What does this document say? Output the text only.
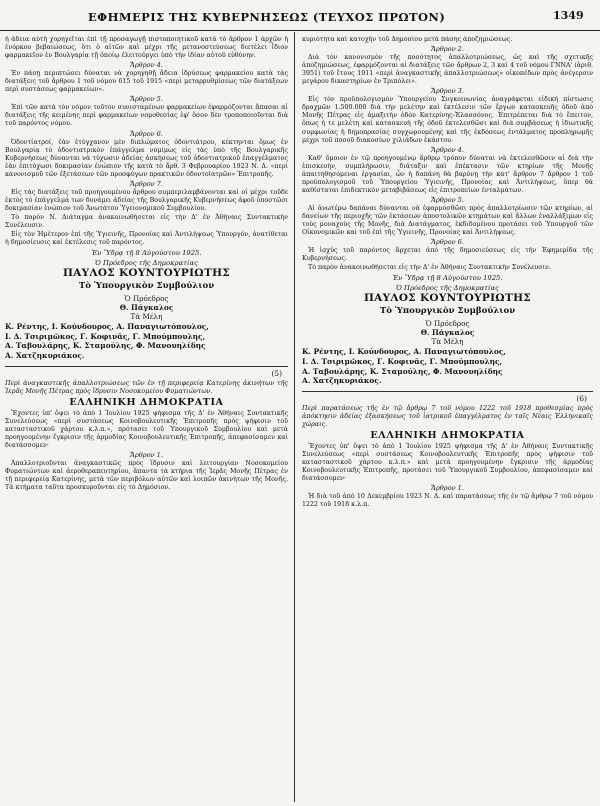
ΕΦΗΜΕΡΙΣ ΤΗΣ ΚΥΒΕΡΝΗΣΕΩΣ (ΤΕΥΧΟΣ ΠΡΩΤΟΝ)	1349

ή άδεια αὐτὴ χορηγεῖται ἐπὶ τῇ προσαγωγῇ πιστοποιητικοῦ κατὰ τὸ ἄρθρον 1 ἀρχῶν ἡ ἐνόρκου βεβαιώσεως, ὅτι ὁ αἰτῶν καὶ μέχρι τῆς μετανοστεύσεως διετέλει ἴδιον φαρμακεῖον ἐν Βουλγαρίᾳ τῇ ὁποίῳ ἐλειτούργει ὑπὸ τὴν ἰδίαν αὐτοῦ εὐθύνην.

Ἄρθρον 4.

Ἐν πάσῃ περιπτώσει δύναται νὰ χορηγηθῇ ἄδεια ἱδρύσεως φαρμακείου κατὰ τὰς διατάξεις τοῦ ἄρθρου 1 τοῦ νόμου 615 τοῦ 1915 «περὶ μεταρρυθμίσεως τῶν διατάξεων περὶ συστάσεως φαρμακείων».

Ἄρθρον 5.

Ἐπὶ τῶν κατὰ τὸν νόμον τοῦτον συνισταμένων φαρμακείων ἐφαρμόζονται ἅπασαι αἱ διατάξεις τῆς κειμένης περὶ φαρμακείων νομοθεσίας ἐφ' ὅσον δὲν τροποποιοῦνται διὰ τοῦ παρόντος νόμου.

Ἄρθρον 6.

Ὀδοντίατροί, ἐὰν ἐτύγχανον μὲν διπλώματος ὀδοντιάτρου, κέκτηνται ὅμως ἐν Βουλγαρίᾳ τὸ ὀδοντιατρικὸν ἐπάγγελμα νομίμως εἰς τὰς ὑπὸ τῆς Βουλγαρικῆς Κυβερνήσεως δύνανται νὰ τύχωσιν ἀδείας ἀσκήσεως τοῦ ὀδοντιατρικοῦ ἐπαγγέλματος ἐὰν ἐπιτύχωσι δοκιμασίαν ἐνώπιον τῆς κατὰ τὸ ἄρθ. 3 Φεβρουαρίου 1923 Ν. Δ. «περὶ κανονισμοῦ τῶν ἐξετάσεων τῶν προσφύγων πρακτικῶν ὀδοντοϊατρῶν» Ἐπιτροπῆς.

Ἄρθρον 7.

Εἰς τὰς διατάξεις τοῦ προηγουμένου ἄρθρου συμπεριλαμβάνονται καὶ οἱ μέχρι τοῦδε ἐκτὸς τὸ ἐπάγγελμά των δυνάμει ἀδείας τῆς Βουλγαρικῆς Κυβερνήσεως ἀφοῦ ὑποστῶσι δοκιμασίαν ἐνώπιον τοῦ Ἀνωτάτου Ὑγειονομικοῦ Συμβουλίου.

Τὸ παρὸν Ν. Διάταγμα ἀνακοινωθήσεται εἰς τὴν Δ' ἐν Ἀθήναις Συντακτικὴν Συνέλευσιν.

Εἰς τὸν Ἡμέτερον ἐπὶ τῆς Ὑγιεινῆς, Προνοίας καὶ Ἀντιλήψεως Ὑπουργόν, ἀνατίθεται ἡ δημοσίευσις καὶ ἐκτέλεσις τοῦ παρόντος.

Ἐν Ὕδρᾳ τῇ 8 Αὐγούστου 1925.
Ὁ Πρόεδρος τῆς Δημοκρατίας
ΠΑΥΛΟΣ ΚΟΥΝΤΟΥΡΙΩΤΗΣ
Τὸ Ὑπουργικὸν Συμβούλιον
Ὁ Πρόεδρος
Θ. Πάγκαλος
Τὰ Μέλη
Κ. Ρέντης, Ι. Κούνδουρος, Α. Παναγιωτόπουλος,
Ι. Δ. Τσιριμῶκος, Γ. Κοφινᾶς, Γ. Μπούμπουλης,
Α. Ταβουλάρης, Κ. Σταμούλης, Φ. Μανουηλίδης
Α. Χατζηκυριάκος.
(5)
Περὶ ἀναγκαστικῆς ἀπαλλοτριώσεως τῶν ἐν τῇ περιφερείᾳ Κατερίνης ἀκινήτων τῆς Ἱερᾶς Μονῆς Πέτρας πρὸς ἵδρυσιν Νοσοκομείου Φυματιώντων.
ΕΛΛΗΝΙΚΗ ΔΗΜΟΚΡΑΤΙΑ

Ἔχοντες ὑπ' ὄψει τὸ ἀπὸ 1 Ἰουλίου 1925 ψήφισμα τῆς Δ' ἐν Ἀθήναις Συντακτικῆς Συνελεύσεως «περὶ συστάσεως Κοινοβουλευτικῆς Ἐπιτροπῆς πρὸς ψήφισιν τοῦ κατασταστικοῦ χάρτου κ.λ.π.», πρότασει τοῦ Ὑπουργικοῦ Συμβουλίου καὶ μετὰ προηγουμένην ἔγκρισιν τῆς ἁρμοδίας Κοινοβουλευτικῆς Ἐπιτροπῆς, ἀπεφασίσαμεν καὶ διατάσσομεν·

Ἄρθρον 1.

Ἀπαλλοτριοῦνται ἀναγκαστικῶς πρὸς ἵδρυσιν καὶ λειτουργίαν Νοσοκομείου Φυματιώντων καὶ ἀεροθεραπευτηρίου, ἅπαντα τὰ κτήρια τῆς Ἱερᾶς Μονῆς Πέτρας ἐν τῇ περιφερείᾳ Κατερίνης, μετὰ τῶν περιβόλων αὐτῶν καὶ λοιπῶν ἀκινήτων τῆς Μονῆς. Τὰ κτήματα ταῦτα προσκυροῦνται εἰς τὸ Δημόσιον.

κυριότητα καὶ κατοχὴν τοῦ Δημοσίου μετὰ πάσης ἀποζημιώσεως.

Ἄρθρον 2.

Διὰ τὸν κανονισμὸν τῆς ποσότητος ἀπαλλοτριώσεως, ὡς καὶ τῆς σχετικῆς ἀποζημιώσεως, ἐφαρμόζονται αἱ διατάξεις τῶν ἄρθρων 2, 3 καὶ 4 τοῦ νόμου ΓΝΝΑ' (ἀριθ. 3951) τοῦ ἔτους 1911 «περὶ ἀναγκαστικῆς ἀπαλλοτριώσεως» οἰκοπέδων πρὸς ἀνέγερσιν μεγάρου δικαστηρίων ἐν Τριπόλει».

Ἄρθρον 3.

Εἰς τὸν προϋπολογισμὸν Ὑπουργείου Συγκοινωνίας ἀναγράφεται εἰδικὴ πίστωσις δραχμῶν 1.500.000 διὰ τὴν μελέτην καὶ ἐκτέλεσιν τῶν ἔργων κατασκευῆς ὁδοῦ ἀπὸ Μονῆς Πέτρας εἰς ἁμαξιτὴν ὁδὸν Κατερίνης-Ἐλασσόνος. Ἐπιτρέπεται διὰ τὸ ἔπειτον, ὅπως ἡ τε μελέτη καὶ κατασκευὴ τῆς ὁδοῦ ἐκτελεσθῶσι καὶ διὰ συμβάσεως ἡ ἰδιωτικῆς συμφωνίας ἡ δημοπρασίας συγχωρουμένης καὶ τῆς ἐκδόσεως ἐντάλματος προπληρωμῆς μέχρι τοῦ ποσοῦ διακοσίων χιλιάδων ἑκάστου.

Ἄρθρον 4.

Καθ' ὅμοιον ἐν τῷ προηγουμένῳ ἄρθρῳ τρόπον δύναται νὰ ἐκτελεσθῶσιν αἱ διὰ τὴν ἐπισκευὴν, συμπλήρωσιν, διάταξιν καὶ ἐπέκτασιν τῶν κτηρίων τῆς Μονῆς ἀπαιτηθησόμεναι ἐργασίαι, ὧν ἡ δαπάνη θὰ βαρύνῃ τὴν κατ' ἄρθρον 7 ἄρθρον 1 τοῦ προϋπολογισμοῦ τοῦ Ὑπουργείου Ὑγιεινῆς, Προνοίας καὶ Ἀντιλήψεως, ὅπερ θὰ καθίσταται ἐπιδεκτικὸν μεταβιβάσεως εἰς ἐπιτροπείων ἐνταλμάτων.

Ἄρθρον 5.

Αἱ ἀνωτέρω δαπάναι δύνανται νὰ ἐφαρμοσθῶσι πρὸς ἀπαλλοτρίωσιν τῶν κτηρίων, αἱ δανείων τῆς περιοχῆς τῶν ἐκτάσεων ἀποστολικῶν κτημάτων καὶ ἄλλων ἐναλλάξιμων εἰς τοὺς μοναχοὺς τῆς Μονῆς, διὰ Διατάγματος, ἐκδιδομένου προτάσει τοῦ Ὑπουργοῦ τῶν Οἰκονομικῶν καὶ τοῦ ἐπὶ τῆς Ὑγιεινῆς, Προνοίας καὶ Ἀντιλήψεως.

Ἄρθρον 6.

Ἡ ἰσχὺς τοῦ παρόντος ἄρχεται ἀπὸ τῆς δημοσιεύσεως εἰς τὴν Ἐφημερίδα τῆς Κυβερνήσεως.

Τὸ παρὸν ἀνακοινωθήσεται εἰς τὴν Δ' ἐν Ἀθήναις Συντακτικὴν Συνέλευσιν.

Ἐν Ὕδρᾳ τῇ 8 Αὐγούστου 1925.
Ὁ Πρόεδρος τῆς Δημοκρατίας
ΠΑΥΛΟΣ ΚΟΥΝΤΟΥΡΙΩΤΗΣ
Τὸ Ὑπουργικὸν Συμβούλιον
Ὁ Πρόεδρος
Θ. Πάγκαλος
Τὰ Μέλη
Κ. Ρέντης, Ι. Κούνδουρος, Α. Παναγιωτόπουλος,
Ι. Δ. Τσιριμῶκος, Γ. Κοφινᾶς, Γ. Μπούμπουλης,
Α. Ταβουλάρης, Κ. Σταμούλης, Φ. Μανουηλίδης
Α. Χατζηκυριάκος.
(6)
Περὶ παρατάσεως τῆς ἐν τῷ ἄρθρῳ 7 τοῦ νόμου 1222 τοῦ 1918 προθεσμίας πρὸς ἀπόκτησιν ἀδείας ἐξασκήσεως τοῦ ἰατρικοῦ ἐπαγγέλματος ἐν ταῖς Νέαις Ἑλληνικαῖς χώραις.
ΕΛΛΗΝΙΚΗ ΔΗΜΟΚΡΑΤΙΑ

Ἔχοντες ὑπ' ὄψει τὸ ἀπὸ 1 Ἰουλίου 1925 ψήφισμα τῆς Δ' ἐν Ἀθήναις Συντακτικῆς Συνελεύσεως «περὶ συστάσεως Κοινοβουλευτικῆς Ἐπιτροπῆς πρὸς ψήφισιν τοῦ κατασταστικοῦ χάρτου κ.λ.π.» καὶ μετὰ προηγουμένην ἔγκρισιν τῆς ἁρμοδίας Κοινοβουλευτικῆς Ἐπιτροπῆς, προτάσει τοῦ Ὑπουργικοῦ Συμβουλίου, ἀπεφασίσαμεν καὶ διατάσσομεν·

Ἄρθρον 1.

Ἡ διὰ τοῦ ἀπὸ 10 Δεκεμβρίου 1923 Ν. Δ. καὶ παρατάσεως τῆς ἐν τῷ ἄρθρῳ 7 τοῦ νόμου 1222 τοῦ 1918 κ.λ.π.
